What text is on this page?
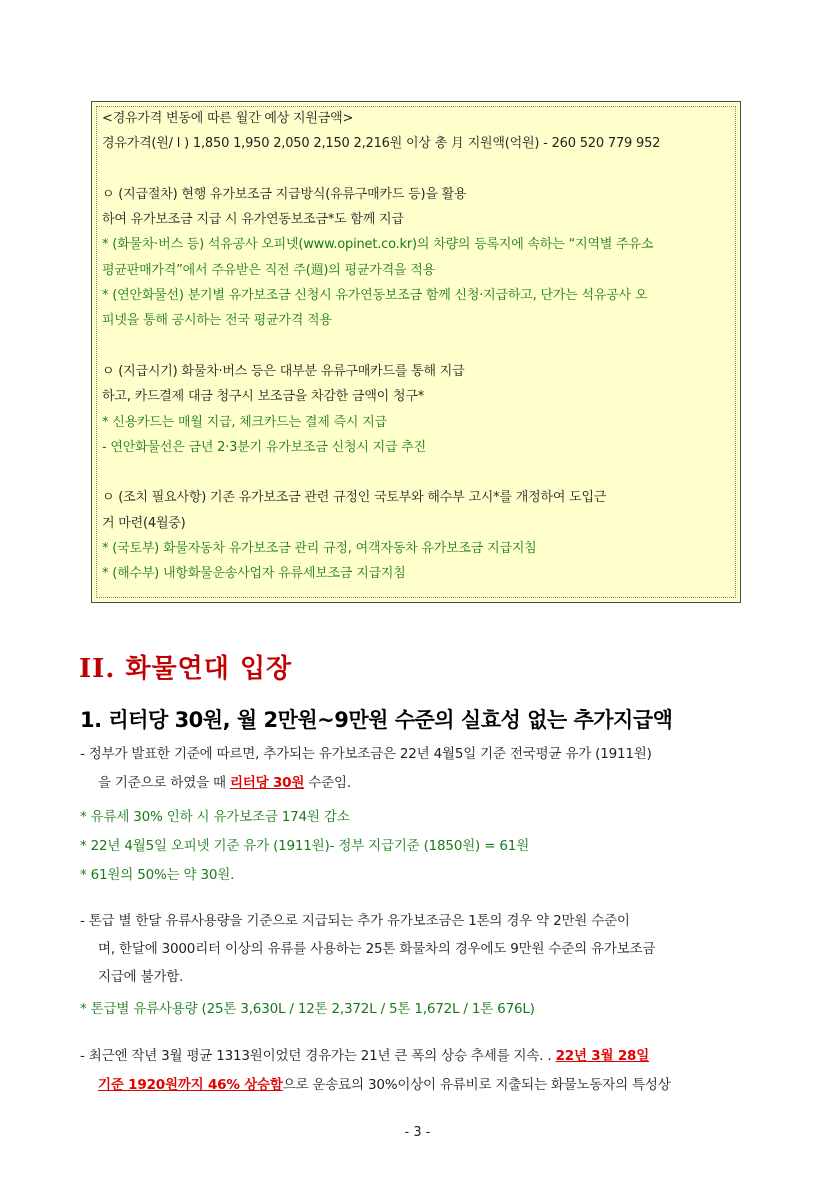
<경유가격 변동에 따른 월간 예상 지원금액>
경유가격(원/ l ) 1,850 1,950 2,050 2,150 2,216원 이상 총 月 지원액(억원) - 260 520 779 952
ㅇ (지급절차) 현행 유가보조금 지급방식(유류구매카드 등)을 활용
하여 유가보조금 지급 시 유가연동보조금*도 함께 지급
* (화물차·버스 등) 석유공사 오피넷(www.opinet.co.kr)의 차량의 등록지에 속하는 “지역별 주유소
평균판매가격”에서 주유받은 직전 주(週)의 평균가격을 적용
* (연안화물선) 분기별 유가보조금 신청시 유가연동보조금 함께 신청·지급하고, 단가는 석유공사 오
피넷을 통해 공시하는 전국 평균가격 적용
ㅇ (지급시기) 화물차·버스 등은 대부분 유류구매카드를 통해 지급
하고, 카드결제 대금 청구시 보조금을 차감한 금액이 청구*
* 신용카드는 매월 지급, 체크카드는 결제 즉시 지급
- 연안화물선은 금년 2·3분기 유가보조금 신청시 지급 추진
ㅇ (조치 필요사항) 기존 유가보조금 관련 규정인 국토부와 해수부 고시*를 개정하여 도입근
거 마련(4월중)
* (국토부) 화물자동차 유가보조금 관리 규정, 여객자동차 유가보조금 지급지침
* (해수부) 내항화물운송사업자 유류세보조금 지급지침
II. 화물연대 입장
1. 리터당 30원, 월 2만원~9만원 수준의 실효성 없는 추가지급액
- 정부가 발표한 기준에 따르면, 추가되는 유가보조금은 22년 4월5일 기준 전국평균 유가 (1911원)
을 기준으로 하였을 때 리터당 30원 수준임.
* 유류세 30% 인하 시 유가보조금 174원 감소
* 22년 4월5일 오피넷 기준 유가 (1911원)- 정부 지급기준 (1850원) = 61원
* 61원의 50%는 약 30원.
- 톤급 별 한달 유류사용량을 기준으로 지급되는 추가 유가보조금은 1톤의 경우 약 2만원 수준이
며, 한달에 3000리터 이상의 유류를 사용하는 25톤 화물차의 경우에도 9만원 수준의 유가보조금
지급에 불가함.
* 톤급별 유류사용량 (25톤 3,630L / 12톤 2,372L / 5톤 1,672L / 1톤 676L)
- 최근엔 작년 3월 평균 1313원이었던 경유가는 21년 큰 폭의 상승 추세를 지속. . 22년 3월 28일
기준 1920원까지 46% 상승함으로 운송료의 30%이상이 유류비로 지출되는 화물노동자의 특성상
- 3 -
